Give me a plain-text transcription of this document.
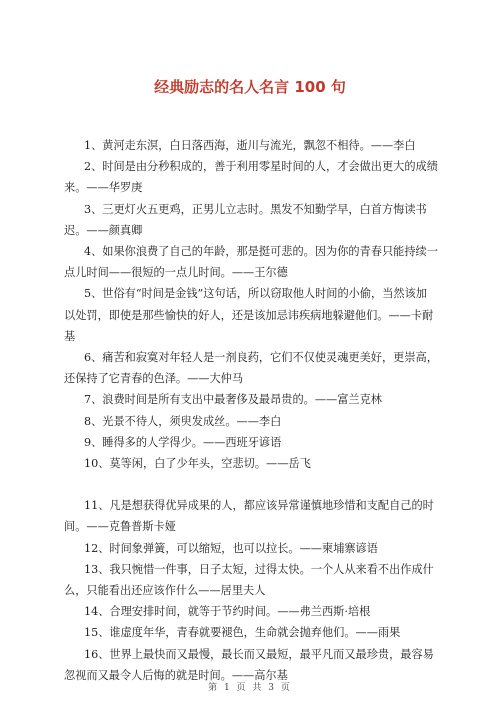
经典励志的名人名言 100 句

1、黄河走东溟，白日落西海，逝川与流光，飘忽不相待。——李白

2、时间是由分秒积成的，善于利用零星时间的人，才会做出更大的成绩来。——华罗庚

3、三更灯火五更鸡，正男儿立志时。黑发不知勤学早，白首方悔读书迟。——颜真卿

4、如果你浪费了自己的年龄，那是挺可悲的。因为你的青春只能持续一点儿时间——很短的一点儿时间。——王尔德

5、世俗有“时间是金钱”这句话，所以窃取他人时间的小偷，当然该加以处罚，即使是那些愉快的好人，还是该加忌讳疾病地躲避他们。——卡耐基

6、痛苦和寂寞对年轻人是一剂良药，它们不仅使灵魂更美好，更崇高，还保持了它青春的色泽。——大仲马

7、浪费时间是所有支出中最奢侈及最昂贵的。——富兰克林

8、光景不待人，须臾发成丝。——李白

9、睡得多的人学得少。——西班牙谚语

10、莫等闲，白了少年头，空悲切。——岳飞

11、凡是想获得优异成果的人，都应该异常谨慎地珍惜和支配自己的时间。——克鲁普斯卡娅

12、时间象弹簧，可以缩短，也可以拉长。——柬埔寨谚语

13、我只惋惜一件事，日子太短，过得太快。一个人从来看不出作成什么，只能看出还应该作什么——居里夫人

14、合理安排时间，就等于节约时间。——弗兰西斯·培根

15、谁虚度年华，青春就要褪色，生命就会抛弃他们。——雨果

16、世界上最快而又最慢，最长而又最短，最平凡而又最珍贵，最容易忽视而又最令人后悔的就是时间。——高尔基

第 1 页 共 3 页
